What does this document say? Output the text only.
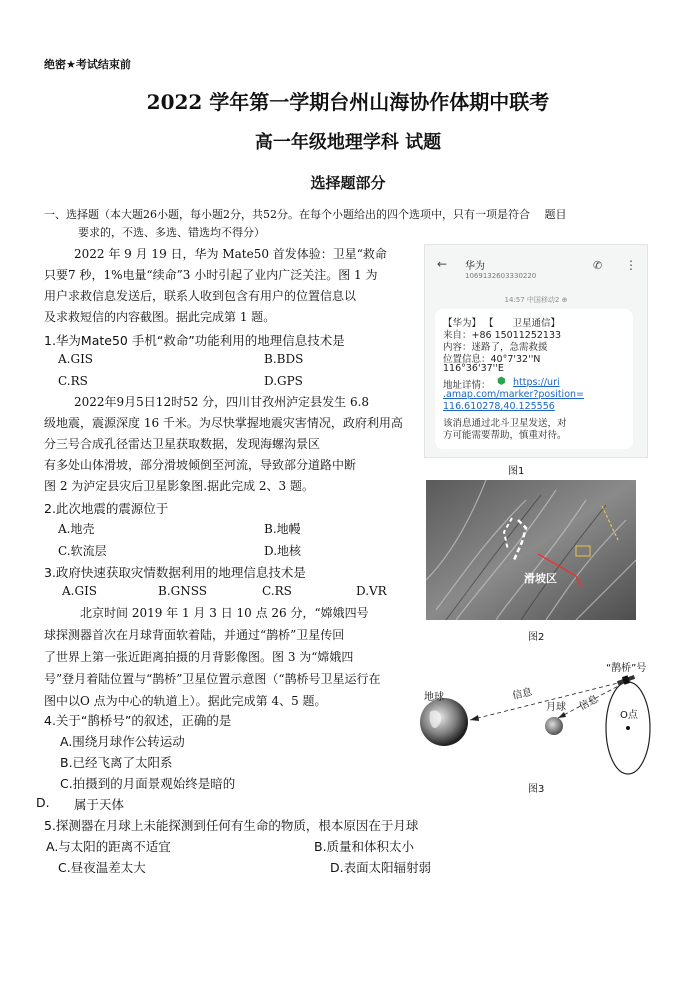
绝密★考试结束前
2022 学年第一学期台州山海协作体期中联考
高一年级地理学科 试题
选择题部分
一、选择题（本大题26小题，每小题2分，共52分。在每个小题给出的四个选项中，只有一项是符合　 题目
要求的，不选、多选、错选均不得分）
2022 年 9 月 19 日，华为 Mate50 首发体验：卫星“救命
只要7 秒，1%电量“续命”3 小时引起了业内广泛关注。图 1 为
用户求救信息发送后，联系人收到包含有用户的位置信息以
及求救短信的内容截图。据此完成第 1 题。
1.华为Mate50 手机“救命”功能利用的地理信息技术是
A.GIS	B.BDS
C.RS	D.GPS
2022年9月5日12时52 分，四川甘孜州泸定县发生 6.8
级地震，震源深度 16 千米。为尽快掌握地震灾害情况，政府利用高
分三号合成孔径雷达卫星获取数据，发现海螺沟景区
有多处山体滑坡，部分滑坡倾倒至河流，导致部分道路中断
图 2 为泸定县灾后卫星影象图.据此完成 2、3 题。
2.此次地震的震源位于
A.地壳	B.地幔
C.软流层	D.地核
3.政府快速获取灾情数据利用的地理信息技术是
A.GIS	B.GNSS	C.RS	D.VR
北京时间 2019 年 1 月 3 日 10 点 26 分，“嫦娥四号
球探测器首次在月球背面软着陆，并通过“鹊桥”卫星传回
了世界上第一张近距离拍摄的月背影像图。图 3 为“嫦娥四
号”登月着陆位置与“鹊桥”卫星位置示意图（“鹊桥号卫星运行在
图中以O 点为中心的轨道上）。据此完成第 4、5 题。
4.关于“鹊桥号”的叙述，正确的是
A.围绕月球作公转运动
B.已经飞离了太阳系
C.拍摄到的月面景观始终是暗的
D. 属于天体
5.探测器在月球上未能探测到任何有生命的物质，根本原因在于月球
A.与太阳的距离不适宜	B.质量和体积太小
C.昼夜温差太大	D.表面太阳辐射弱
← 华为
1069132603330220
✆ ⋮
14:57 中国移动2 ⊕
【华为】 【　　卫星通信】
来自：+86 15011252133
内容：迷路了，急需救援
位置信息：40°7'32''N
116°36'37''E
地址详情： ⬢ https://uri
.amap.com/marker?position=
116.610278,40.125556
该消息通过北斗卫星发送，对
方可能需要帮助，慎重对待。
图1
滑坡区
图2
地球
月球
O点
“鹊桥”号
信息	信息
图3
